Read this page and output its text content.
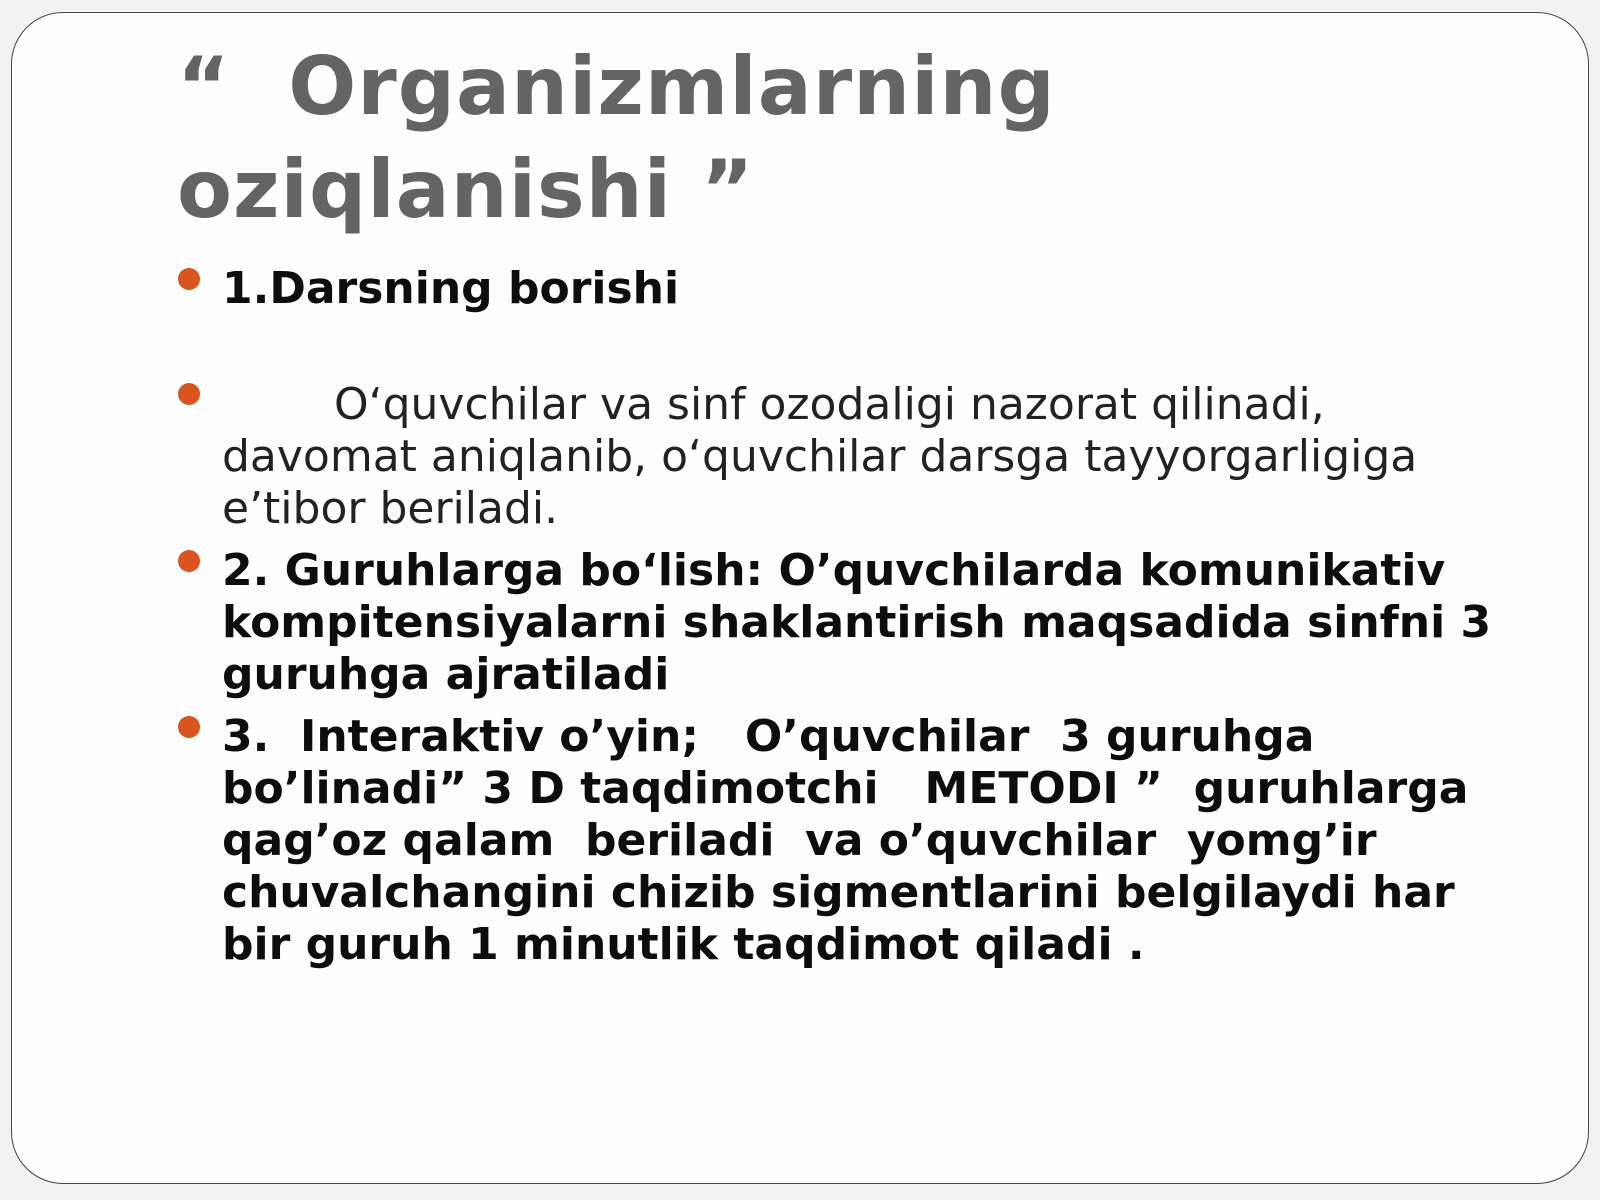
“  Organizmlarning
oziqlanishi ”

1.Darsning borishi

O‘quvchilar va sinf ozodaligi nazorat qilinadi, davomat aniqlanib, o‘quvchilar darsga tayyorgarligiga e’tibor beriladi.

2. Guruhlarga bo‘lish: O’quvchilarda komunikativ kompitensiyalarni shaklantirish maqsadida sinfni 3 guruhga ajratiladi

3.  Interaktiv o’yin;   O’quvchilar  3 guruhga bo’linadi” 3 D taqdimotchi   METODI ”  guruhlarga qag’oz qalam  beriladi  va o’quvchilar  yomg’ir chuvalchangini chizib sigmentlarini belgilaydi har bir guruh 1 minutlik taqdimot qiladi .
